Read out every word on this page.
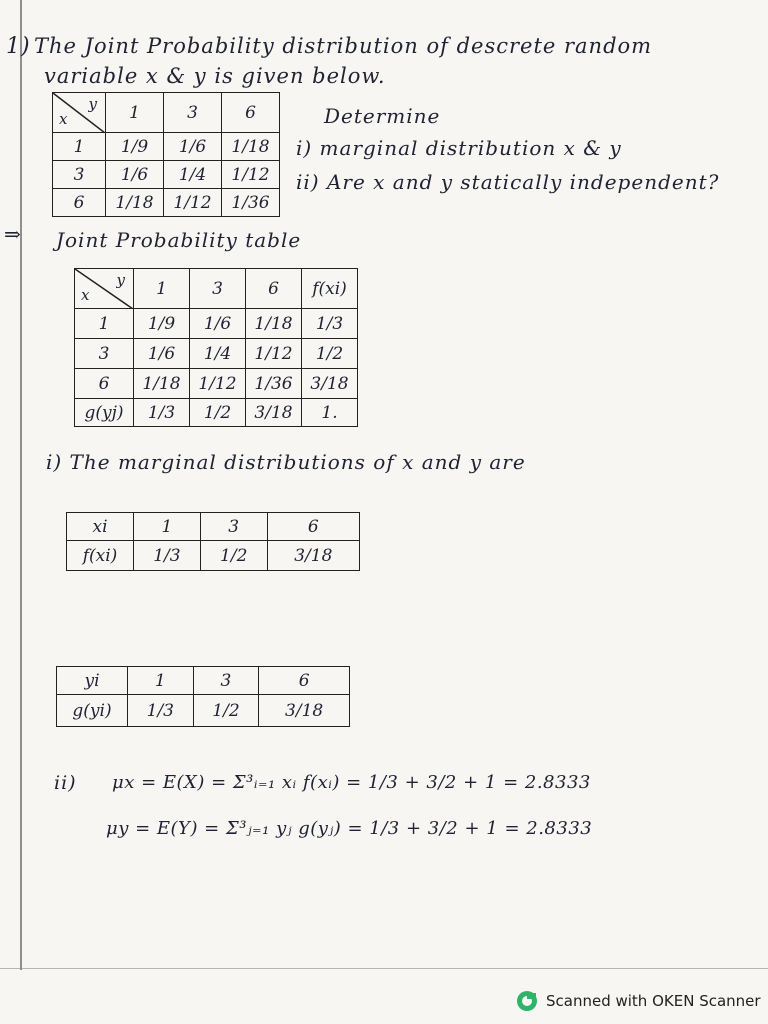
1) The Joint Probability distribution of descrete random
variable x & y is given below.
x
y	1	3	6
1	1/9	1/6	1/18
3	1/6	1/4	1/12
6	1/18	1/12	1/36
Determine
i) marginal distribution x & y
ii) Are x and y statically independent?
⇒ Joint Probability table
x
y	1	3	6	f(xi)
1	1/9	1/6	1/18	1/3
3	1/6	1/4	1/12	1/2
6	1/18	1/12	1/36	3/18
g(yj)	1/3	1/2	3/18	1.
i) The marginal distributions of x and y are
xi	1	3	6
f(xi)	1/3	1/2	3/18
yi	1	3	6
g(yi)	1/3	1/2	3/18
ii) μx = E(X) = Σ³ᵢ₌₁ xᵢ f(xᵢ) = 1/3 + 3/2 + 1 = 2.8333
μy = E(Y) = Σ³ⱼ₌₁ yⱼ g(yⱼ) = 1/3 + 3/2 + 1 = 2.8333
Scanned with OKEN Scanner
